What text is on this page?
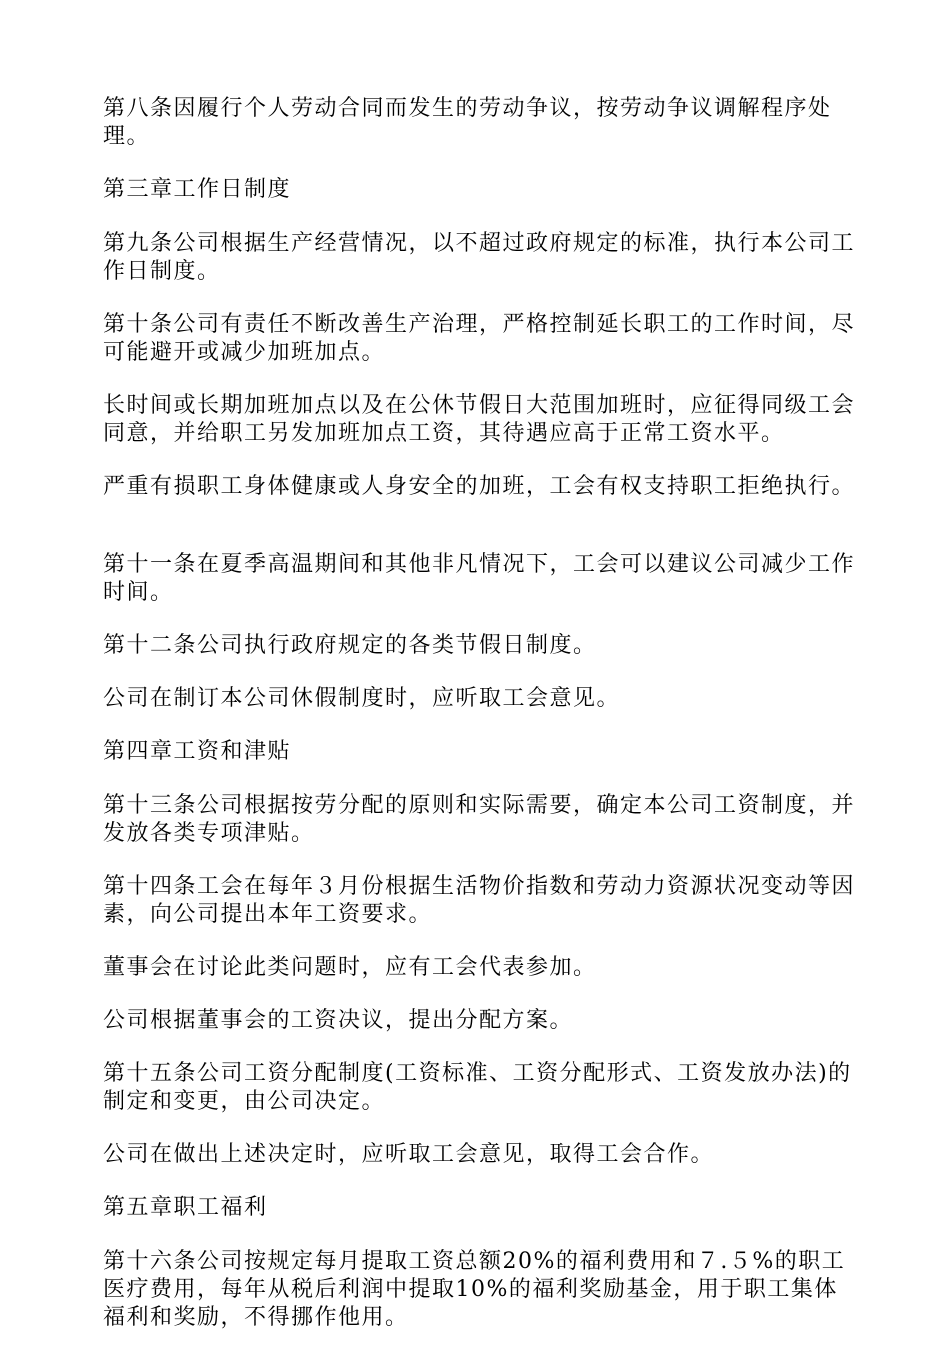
第八条因履行个人劳动合同而发生的劳动争议，按劳动争议调解程序处理。

第三章工作日制度

第九条公司根据生产经营情况，以不超过政府规定的标准，执行本公司工作日制度。

第十条公司有责任不断改善生产治理，严格控制延长职工的工作时间，尽可能避开或减少加班加点。

长时间或长期加班加点以及在公休节假日大范围加班时，应征得同级工会同意，并给职工另发加班加点工资，其待遇应高于正常工资水平。

严重有损职工身体健康或人身安全的加班，工会有权支持职工拒绝执行。

第十一条在夏季高温期间和其他非凡情况下，工会可以建议公司减少工作时间。

第十二条公司执行政府规定的各类节假日制度。

公司在制订本公司休假制度时，应听取工会意见。

第四章工资和津贴

第十三条公司根据按劳分配的原则和实际需要，确定本公司工资制度，并发放各类专项津贴。

第十四条工会在每年３月份根据生活物价指数和劳动力资源状况变动等因素，向公司提出本年工资要求。

董事会在讨论此类问题时，应有工会代表参加。

公司根据董事会的工资决议，提出分配方案。

第十五条公司工资分配制度(工资标准、工资分配形式、工资发放办法)的制定和变更，由公司决定。

公司在做出上述决定时，应听取工会意见，取得工会合作。

第五章职工福利

第十六条公司按规定每月提取工资总额20%的福利费用和７.５%的职工医疗费用，每年从税后利润中提取10%的福利奖励基金，用于职工集体福利和奖励，不得挪作他用。
